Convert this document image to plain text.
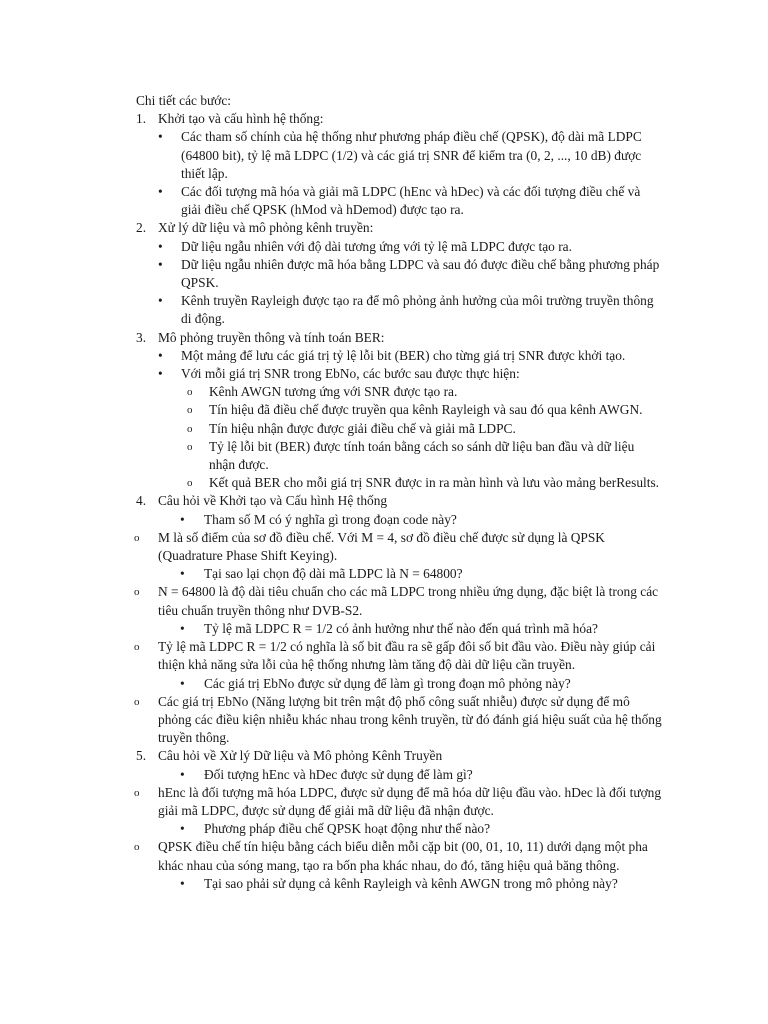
Chi tiết các bước:
1. Khởi tạo và cấu hình hệ thống:
• Các tham số chính của hệ thống như phương pháp điều chế (QPSK), độ dài mã LDPC
(64800 bit), tỷ lệ mã LDPC (1/2) và các giá trị SNR để kiểm tra (0, 2, ..., 10 dB) được
thiết lập.
• Các đối tượng mã hóa và giải mã LDPC (hEnc và hDec) và các đối tượng điều chế và
giải điều chế QPSK (hMod và hDemod) được tạo ra.
2. Xử lý dữ liệu và mô phỏng kênh truyền:
• Dữ liệu ngẫu nhiên với độ dài tương ứng với tỷ lệ mã LDPC được tạo ra.
• Dữ liệu ngẫu nhiên được mã hóa bằng LDPC và sau đó được điều chế bằng phương pháp
QPSK.
• Kênh truyền Rayleigh được tạo ra để mô phỏng ảnh hưởng của môi trường truyền thông
di động.
3. Mô phỏng truyền thông và tính toán BER:
• Một mảng để lưu các giá trị tỷ lệ lỗi bit (BER) cho từng giá trị SNR được khởi tạo.
• Với mỗi giá trị SNR trong EbNo, các bước sau được thực hiện:
o Kênh AWGN tương ứng với SNR được tạo ra.
o Tín hiệu đã điều chế được truyền qua kênh Rayleigh và sau đó qua kênh AWGN.
o Tín hiệu nhận được được giải điều chế và giải mã LDPC.
o Tỷ lệ lỗi bit (BER) được tính toán bằng cách so sánh dữ liệu ban đầu và dữ liệu
nhận được.
o Kết quả BER cho mỗi giá trị SNR được in ra màn hình và lưu vào mảng berResults.
4. Câu hỏi về Khởi tạo và Cấu hình Hệ thống
• Tham số M có ý nghĩa gì trong đoạn code này?
o M là số điểm của sơ đồ điều chế. Với M = 4, sơ đồ điều chế được sử dụng là QPSK
(Quadrature Phase Shift Keying).
• Tại sao lại chọn độ dài mã LDPC là N = 64800?
o N = 64800 là độ dài tiêu chuẩn cho các mã LDPC trong nhiều ứng dụng, đặc biệt là trong các
tiêu chuẩn truyền thông như DVB-S2.
• Tỷ lệ mã LDPC R = 1/2 có ảnh hưởng như thế nào đến quá trình mã hóa?
o Tỷ lệ mã LDPC R = 1/2 có nghĩa là số bit đầu ra sẽ gấp đôi số bit đầu vào. Điều này giúp cải
thiện khả năng sửa lỗi của hệ thống nhưng làm tăng độ dài dữ liệu cần truyền.
• Các giá trị EbNo được sử dụng để làm gì trong đoạn mô phỏng này?
o Các giá trị EbNo (Năng lượng bit trên mật độ phổ công suất nhiễu) được sử dụng để mô
phỏng các điều kiện nhiễu khác nhau trong kênh truyền, từ đó đánh giá hiệu suất của hệ thống
truyền thông.
5. Câu hỏi về Xử lý Dữ liệu và Mô phỏng Kênh Truyền
• Đối tượng hEnc và hDec được sử dụng để làm gì?
o hEnc là đối tượng mã hóa LDPC, được sử dụng để mã hóa dữ liệu đầu vào. hDec là đối tượng
giải mã LDPC, được sử dụng để giải mã dữ liệu đã nhận được.
• Phương pháp điều chế QPSK hoạt động như thế nào?
o QPSK điều chế tín hiệu bằng cách biểu diễn mỗi cặp bit (00, 01, 10, 11) dưới dạng một pha
khác nhau của sóng mang, tạo ra bốn pha khác nhau, do đó, tăng hiệu quả băng thông.
• Tại sao phải sử dụng cả kênh Rayleigh và kênh AWGN trong mô phỏng này?
